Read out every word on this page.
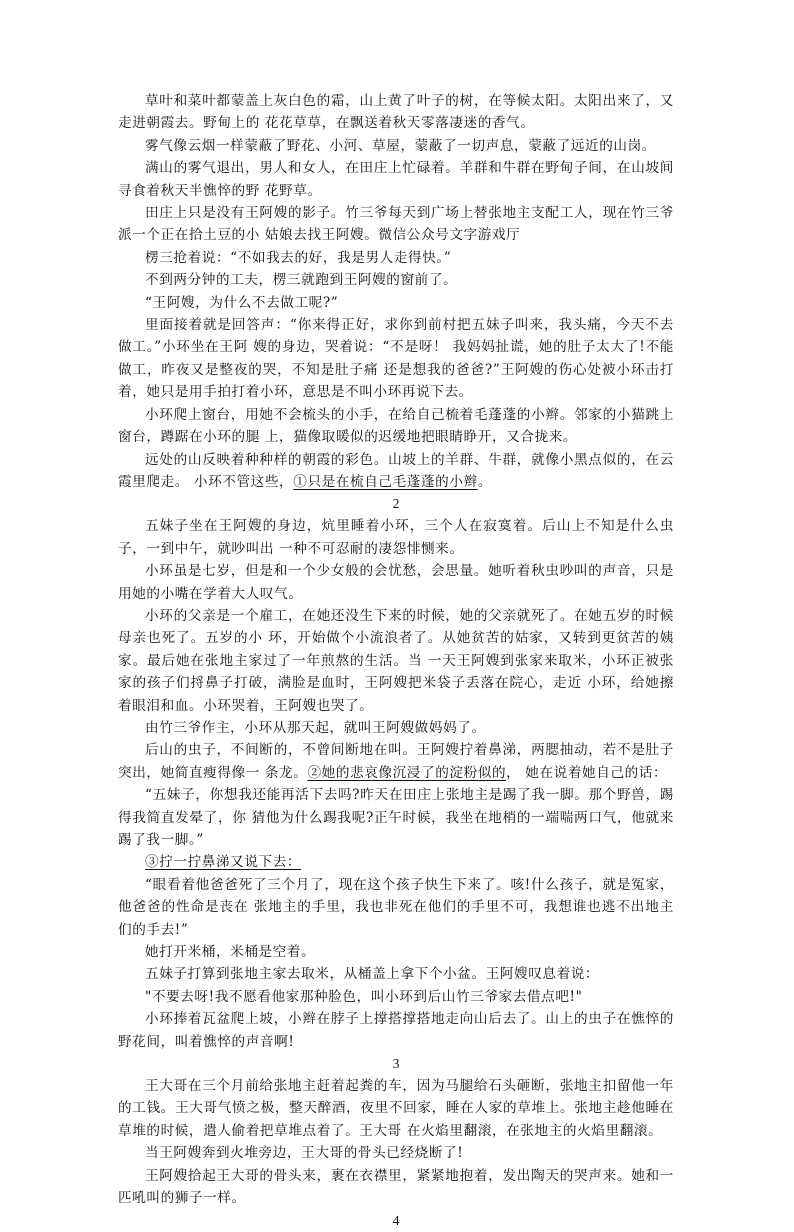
草叶和菜叶都蒙盖上灰白色的霜，山上黄了叶子的树，在等候太阳。太阳出来了，又走进朝霞去。野甸上的 花花草草，在飘送着秋天零落凄迷的香气。

雾气像云烟一样蒙蔽了野花、小河、草屋，蒙蔽了一切声息，蒙蔽了远近的山岗。

满山的雾气退出，男人和女人，在田庄上忙碌着。羊群和牛群在野甸子间，在山坡间寻食着秋天半憔悴的野 花野草。

田庄上只是没有王阿嫂的影子。竹三爷每天到广场上替张地主支配工人，现在竹三爷派一个正在拾土豆的小 姑娘去找王阿嫂。微信公众号文字游戏厅

楞三抢着说：“不如我去的好，我是男人走得快。”

不到两分钟的工夫，楞三就跑到王阿嫂的窗前了。

“王阿嫂，为什么不去做工呢?”

里面接着就是回答声：“你来得正好，求你到前村把五妹子叫来，我头痛，今天不去做工。”小环坐在王阿 嫂的身边，哭着说：“不是呀！ 我妈妈扯谎，她的肚子太大了!不能做工，昨夜又是整夜的哭，不知是肚子痛 还是想我的爸爸?”王阿嫂的伤心处被小环击打着，她只是用手拍打着小环，意思是不叫小环再说下去。

小环爬上窗台，用她不会梳头的小手，在给自己梳着毛蓬蓬的小辫。邻家的小猫跳上窗台，蹲踞在小环的腿 上，猫像取暖似的迟缓地把眼睛睁开，又合拢来。

远处的山反映着种种样的朝霞的彩色。山坡上的羊群、牛群，就像小黑点似的，在云霞里爬走。 小环不管这些，①只是在梳自己毛蓬蓬的小辫。

2

五妹子坐在王阿嫂的身边，炕里睡着小环，三个人在寂寞着。后山上不知是什么虫子，一到中午，就吵叫出 一种不可忍耐的凄怨悱恻来。

小环虽是七岁，但是和一个少女般的会忧愁，会思量。她听着秋虫吵叫的声音，只是用她的小嘴在学着大人叹气。

小环的父亲是一个雇工，在她还没生下来的时候，她的父亲就死了。在她五岁的时候母亲也死了。五岁的小 环，开始做个小流浪者了。从她贫苦的姑家，又转到更贫苦的姨家。最后她在张地主家过了一年煎熬的生活。当 一天王阿嫂到张家来取米，小环正被张家的孩子们捋鼻子打破，满脸是血时，王阿嫂把米袋子丢落在院心，走近 小环，给她擦着眼泪和血。小环哭着，王阿嫂也哭了。

由竹三爷作主，小环从那天起，就叫王阿嫂做妈妈了。

后山的虫子，不间断的，不曾间断地在叫。王阿嫂拧着鼻涕，两腮抽动，若不是肚子突出，她简直瘦得像一 条龙。②她的悲哀像沉浸了的淀粉似的， 她在说着她自己的话：

“五妹子，你想我还能再活下去吗?昨天在田庄上张地主是踢了我一脚。那个野兽，踢得我简直发晕了，你 猜他为什么踢我呢?正午时候，我坐在地梢的一端喘两口气，他就来踢了我一脚。”

③拧一拧鼻涕又说下去：

“眼看着他爸爸死了三个月了，现在这个孩子快生下来了。咳!什么孩子，就是冤家，他爸爸的性命是丧在 张地主的手里，我也非死在他们的手里不可，我想谁也逃不出地主们的手去!”

她打开米桶，米桶是空着。

五妹子打算到张地主家去取米，从桶盖上拿下个小盆。王阿嫂叹息着说：

"不要去呀!我不愿看他家那种脸色，叫小环到后山竹三爷家去借点吧!"

小环捧着瓦盆爬上坡，小辫在脖子上撑搭撑搭地走向山后去了。山上的虫子在憔悴的野花间，叫着憔悴的声音啊!

3

王大哥在三个月前给张地主赶着起粪的车，因为马腿给石头砸断，张地主扣留他一年的工钱。王大哥气愤之极，整天醉酒，夜里不回家，睡在人家的草堆上。张地主趁他睡在草堆的时候，遣人偷着把草堆点着了。王大哥 在火焰里翻滚，在张地主的火焰里翻滚。

当王阿嫂奔到火堆旁边，王大哥的骨头已经烧断了!

王阿嫂拾起王大哥的骨头来，裹在衣襟里，紧紧地抱着，发出陶天的哭声来。她和一匹吼叫的狮子一样。

4
